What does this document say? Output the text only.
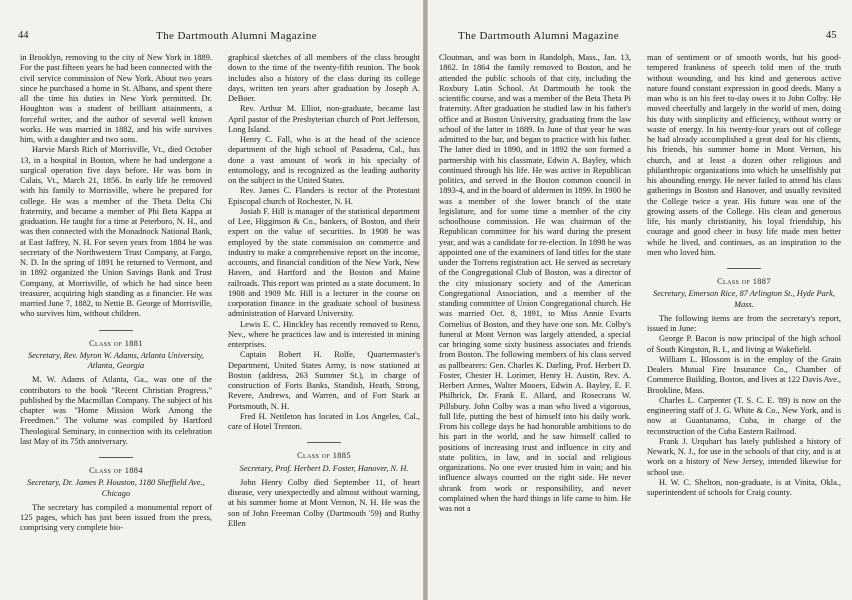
44	The Dartmouth Alumni Magazine

in Brooklyn, removing to the city of New York in 1889. For the past fifteen years he had been connected with the civil service commission of New York. About two years since he purchased a home in St. Albans, and spent there all the time his duties in New York permitted. Dr. Houghton was a student of brilliant attainments, a forceful writer, and the author of several well known works. He was married in 1882, and his wife survives him, with a daughter and two sons.

Harvie Marsh Rich of Morrisville, Vt., died October 13, in a hospital in Boston, where he had undergone a surgical operation five days before. He was born in Calais, Vt., March 21, 1856. In early life he removed with his family to Morrisville, where he prepared for college. He was a member of the Theta Delta Chi fraternity, and became a member of Phi Beta Kappa at graduation. He taught for a time at Peterboro, N. H., and was then connected with the Monadnock National Bank, at East Jaffrey, N. H. For seven years from 1884 he was secretary of the Northwestern Trust Company, at Fargo, N. D. In the spring of 1891 he returned to Vermont, and in 1892 organized the Union Savings Bank and Trust Company, at Morrisville, of which he had since been treasurer, acquiring high standing as a financier. He was married June 7, 1882, to Nettie B. George of Morrisville, who survives him, without children.

Class of 1881
Secretary, Rev. Myron W. Adams, Atlanta University, Atlanta, Georgia

M. W. Adams of Atlanta, Ga., was one of the contributors to the book "Recent Christian Progress," published by the Macmillan Company. The subject of his chapter was "Home Mission Work Among the Freedmen." The volume was compiled by Hartford Theological Seminary, in connection with its celebration last May of its 75th anniversary.

Class of 1884
Secretary, Dr. James P. Houston, 1180 Sheffield Ave., Chicago

The secretary has compiled a monumental report of 125 pages, which has just been issued from the press, comprising very complete bio-

graphical sketches of all members of the class brought down to the time of the twenty-fifth reunion. The book includes also a history of the class during its college days, written ten years after graduation by Joseph A. DeBoer.

Rev. Arthur M. Elliot, non-graduate, became last April pastor of the Presbyterian church of Port Jefferson, Long Island.

Henry C. Fall, who is at the head of the science department of the high school of Pasadena, Cal., has done a vast amount of work in his specialty of entomology, and is recognized as the leading authority on the subject in the United States.

Rev. James C. Flanders is rector of the Protestant Episcopal church of Rochester, N. H.

Josiah F. Hill is manager of the statistical department of Lee, Higginson & Co., bankers, of Boston, and their expert on the value of securities. In 1908 he was employed by the state commission on commerce and industry to make a comprehensive report on the income, accounts, and financial condition of the New York, New Haven, and Hartford and the Boston and Maine railroads. This report was printed as a state document. In 1908 and 1909 Mr. Hill is a lecturer in the course on corporation finance in the graduate school of business administration of Harvard University.

Lewis E. C. Hinckley has recently removed to Reno, Nev., where he practices law and is interested in mining enterprises.

Captain Robert H. Rolfe, Quartermaster's Department, United States Army, is now stationed at Boston (address, 263 Summer St.), in charge of construction of Forts Banks, Standish, Heath, Strong, Revere, Andrews, and Warren, and of Fort Stark at Portsmouth, N. H.

Fred H. Nettleton has located in Los Angeles, Cal., care of Hotel Trenton.

Class of 1885
Secretary, Prof. Herbert D. Foster, Hanover, N. H.

John Henry Colby died September 11, of heart disease, very unexpectedly and almost without warning, at his summer home at Mont Vernon, N. H. He was the son of John Freeman Colby (Dartmouth '59) and Ruthy Ellen

The Dartmouth Alumni Magazine	45

Cloutman, and was born in Randolph, Mass., Jan. 13, 1862. In 1864 the family removed to Boston, and he attended the public schools of that city, including the Roxbury Latin School. At Dartmouth he took the scientific course, and was a member of the Beta Theta Pi fraternity. After graduation he studied law in his father's office and at Boston University, graduating from the law school of the latter in 1889. In June of that year he was admitted to the bar, and began to practice with his father. The latter died in 1890, and in 1892 the son formed a partnership with his classmate, Edwin A. Bayley, which continued through his life. He was active in Republican politics, and served in the Boston common council in 1893-4, and in the board of aldermen in 1899. In 1900 he was a member of the lower branch of the state legislature, and for some time a member of the city schoolhouse commission. He was chairman of the Republican committee for his ward during the present year, and was a candidate for re-election. In 1898 he was appointed one of the examiners of land titles for the state under the Torrens registration act. He served as secretary of the Congregational Club of Boston, was a director of the city missionary society and of the American Congregational Association, and a member of the standing committee of Union Congregational church. He was married Oct. 8, 1891, to Miss Annie Evarts Cornelius of Boston, and they have one son. Mr. Colby's funeral at Mont Vernon was largely attended, a special car bringing some sixty business associates and friends from Boston. The following members of his class served as pallbearers: Gen. Charles K. Darling, Prof. Herbert D. Foster, Chester H. Lorimer, Henry H. Austin, Rev. A. Herbert Armes, Walter Mooers, Edwin A. Bayley, E. F. Philbrick, Dr. Frank E. Allard, and Rosecrans W. Pillsbury. John Colby was a man who lived a vigorous, full life, putting the best of himself into his daily work. From his college days he had honorable ambitions to do his part in the world, and he saw himself called to positions of increasing trust and influence in city and state politics, in law, and in social and religious organizations. No one ever trusted him in vain; and his influence always counted on the right side. He never shrank from work or responsibility, and never complained when the hard things in life came to him. He was not a

man of sentiment or of smooth words, but his good-tempered frankness of speech told men of the truth without wounding, and his kind and generous active nature found constant expression in good deeds. Many a man who is on his feet to-day owes it to John Colby. He moved cheerfully and largely in the world of men, doing his duty with simplicity and efficiency, without worry or waste of energy. In his twenty-four years out of college he had already accomplished a great deal for his clients, his friends, his summer home in Mont Vernon, his church, and at least a dozen other religious and philanthropic organizations into which he unselfishly put his abounding energy. He never failed to attend his class gatherings in Boston and Hanover, and usually revisited the College twice a year. His future was one of the growing assets of the College. His clean and generous life, his manly christianity, his loyal friendship, his courage and good cheer in busy life made men better while he lived, and continues, as an inspiration to the men who loved him.

Class of 1887
Secretary, Emerson Rice, 87 Arlington St., Hyde Park, Mass.

The following items are from the secretary's report, issued in June:

George P. Bacon is now principal of the high school of South Kingston, R. I., and living at Wakefield.

William L. Blossom is in the employ of the Grain Dealers Mutual Fire Insurance Co., Chamber of Commerce Building, Boston, and lives at 122 Davis Ave., Brookline, Mass.

Charles L. Carpenter (T. S. C. E. '89) is now on the engineering staff of J. G. White & Co., New York, and is now at Guantanamo, Cuba, in charge of the reconstruction of the Cuba Eastern Railroad.

Frank J. Urquhart has lately published a history of Newark, N. J., for use in the schools of that city, and is at work on a history of New Jersey, intended likewise for school use.

H. W. C. Shelton, non-graduate, is at Vinita, Okla., superintendent of schools for Craig county.
